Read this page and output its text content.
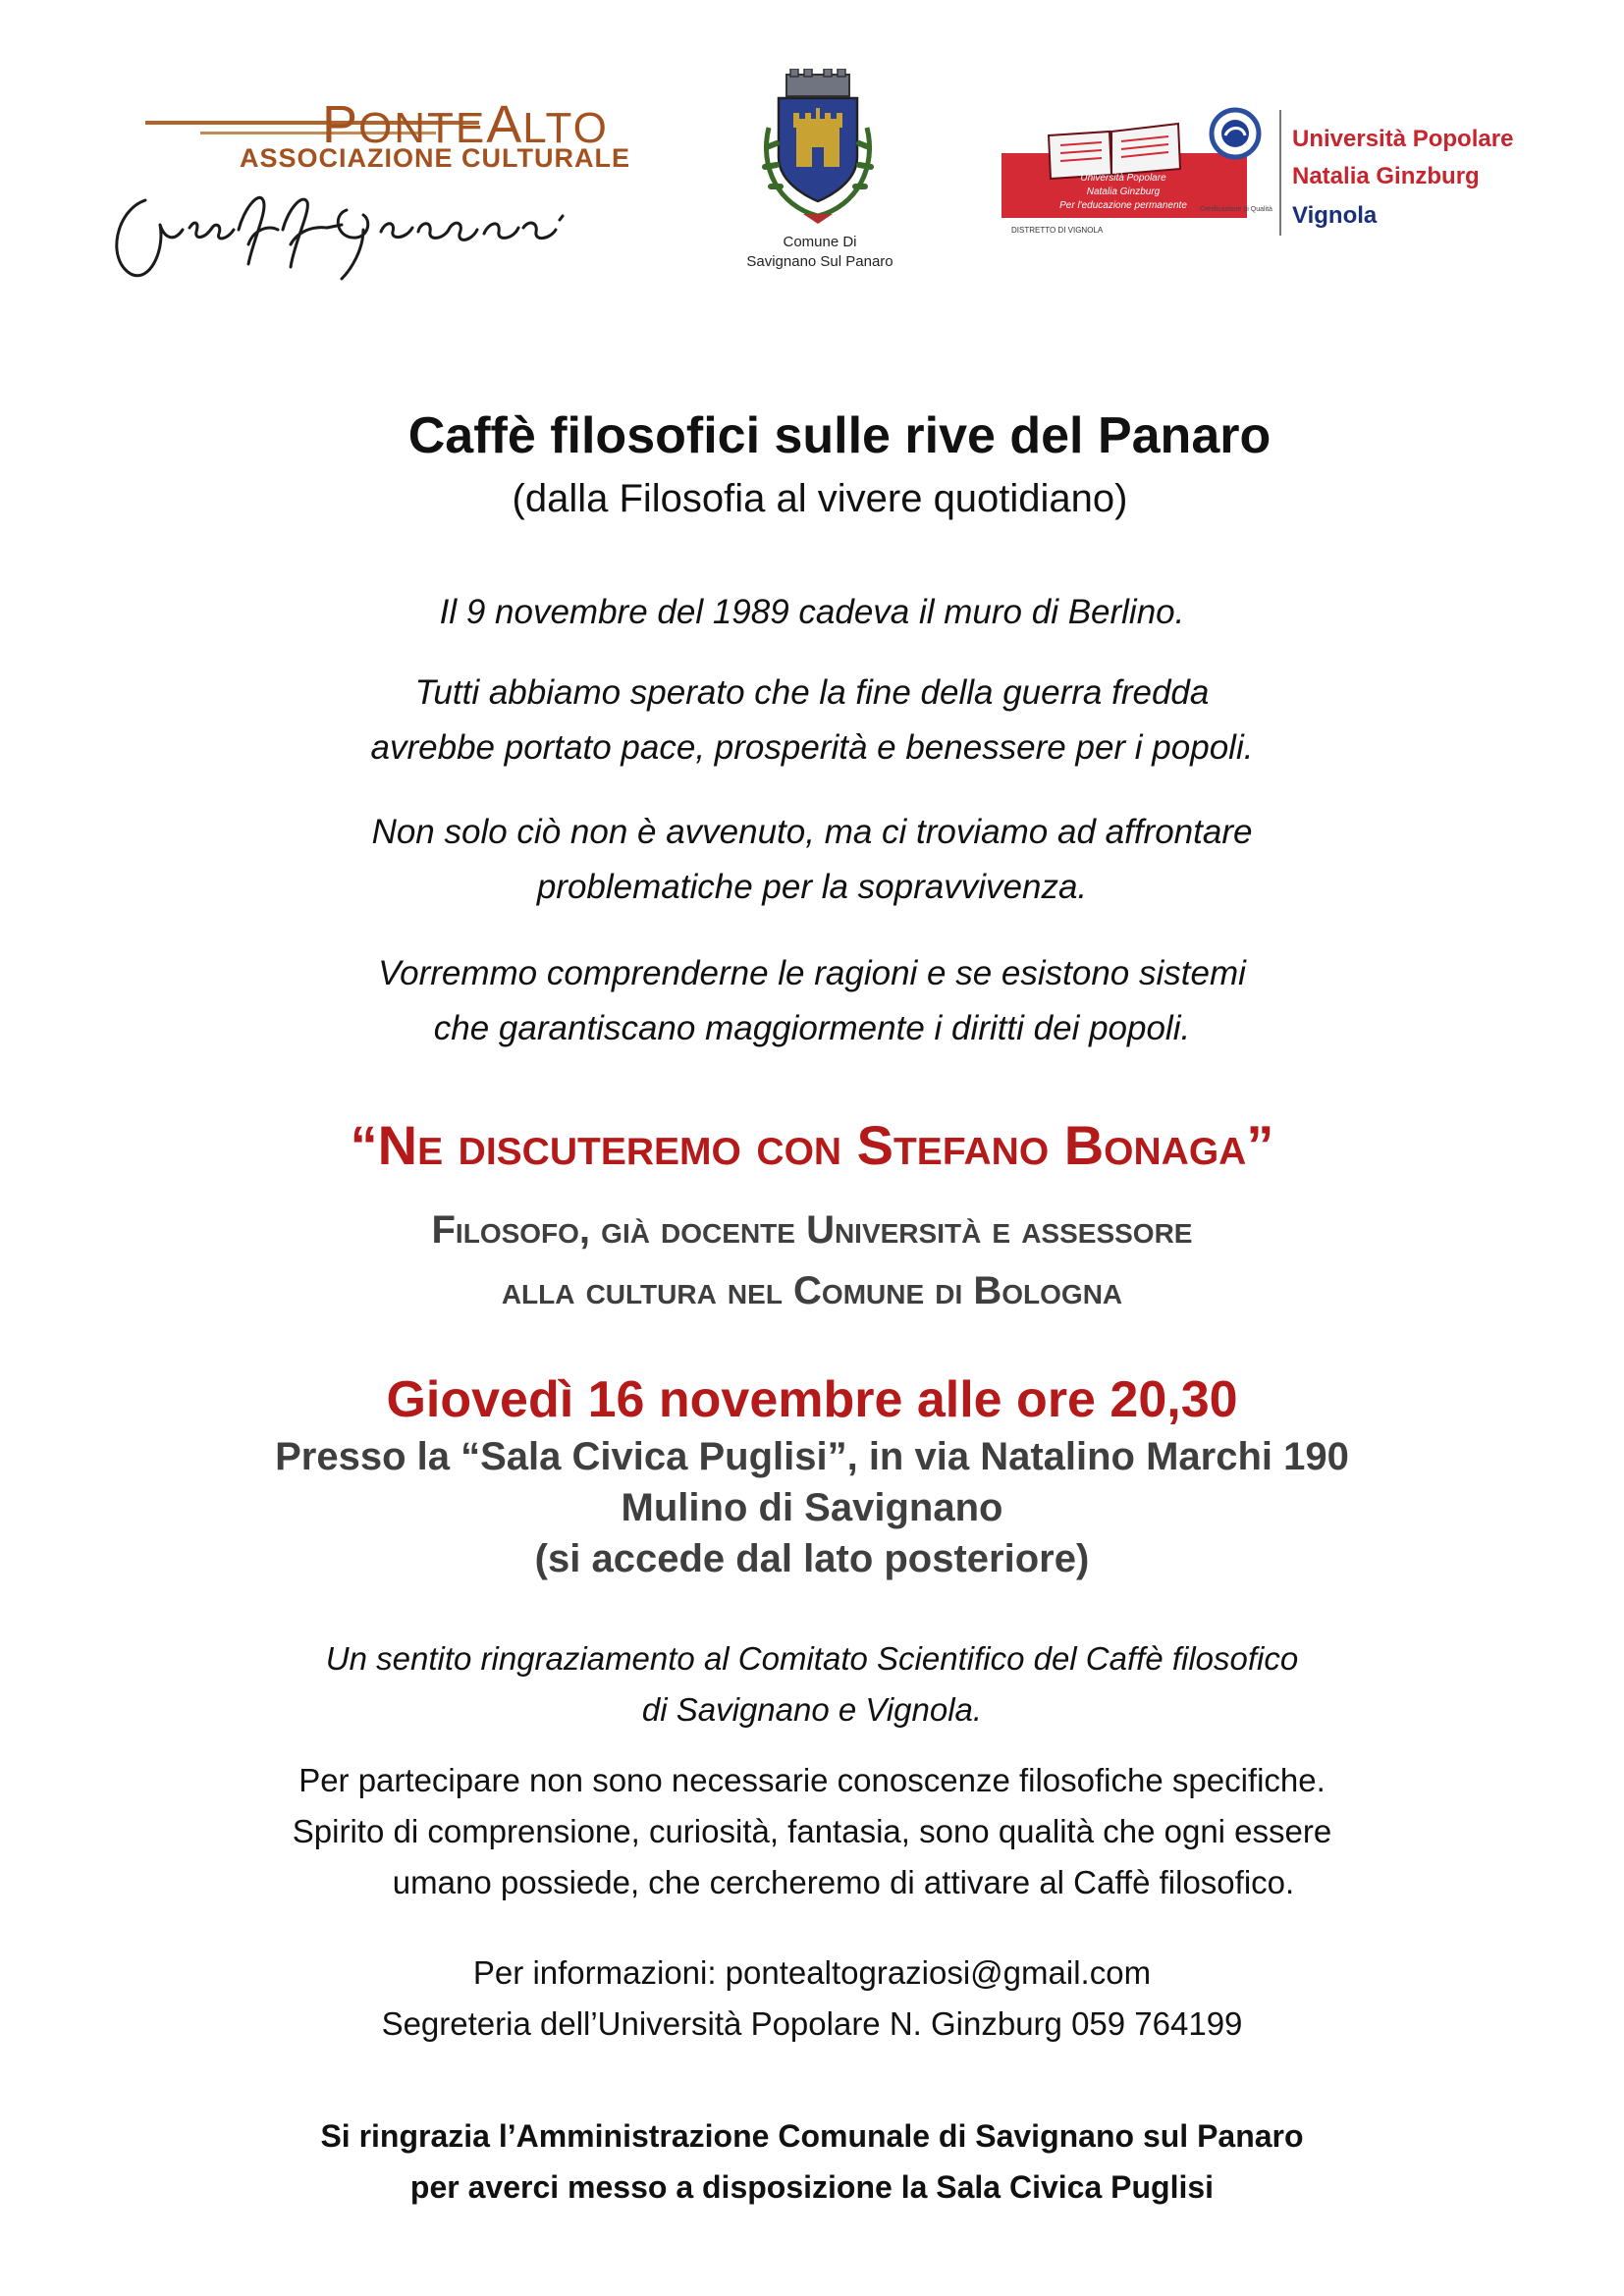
PONTEALTO
ASSOCIAZIONE CULTURALE
Comune Di
Savignano Sul Panaro
Università Popolare
Natalia Ginzburg
Per l'educazione permanente
DISTRETTO DI VIGNOLA
Certificazione di Qualità
Università Popolare
Natalia Ginzburg
Vignola
Caffè filosofici sulle rive del Panaro
(dalla Filosofia al vivere quotidiano)
Il 9 novembre del 1989 cadeva il muro di Berlino.
Tutti abbiamo sperato che la fine della guerra fredda
avrebbe portato pace, prosperità e benessere per i popoli.
Non solo ciò non è avvenuto, ma ci troviamo ad affrontare
problematiche per la sopravvivenza.
Vorremmo comprenderne le ragioni e se esistono sistemi
che garantiscano maggiormente i diritti dei popoli.
“Ne discuteremo con Stefano Bonaga”
Filosofo, già docente Università e assessore
alla cultura nel Comune di Bologna
Giovedì 16 novembre alle ore 20,30
Presso la “Sala Civica Puglisi”, in via Natalino Marchi 190
Mulino di Savignano
(si accede dal lato posteriore)
Un sentito ringraziamento al Comitato Scientifico del Caffè filosofico
di Savignano e Vignola.
Per partecipare non sono necessarie conoscenze filosofiche specifiche.
Spirito di comprensione, curiosità, fantasia, sono qualità che ogni essere
umano possiede, che cercheremo di attivare al Caffè filosofico.
Per informazioni: pontealtograziosi@gmail.com
Segreteria dell’Università Popolare N. Ginzburg 059 764199
Si ringrazia l’Amministrazione Comunale di Savignano sul Panaro
per averci messo a disposizione la Sala Civica Puglisi
